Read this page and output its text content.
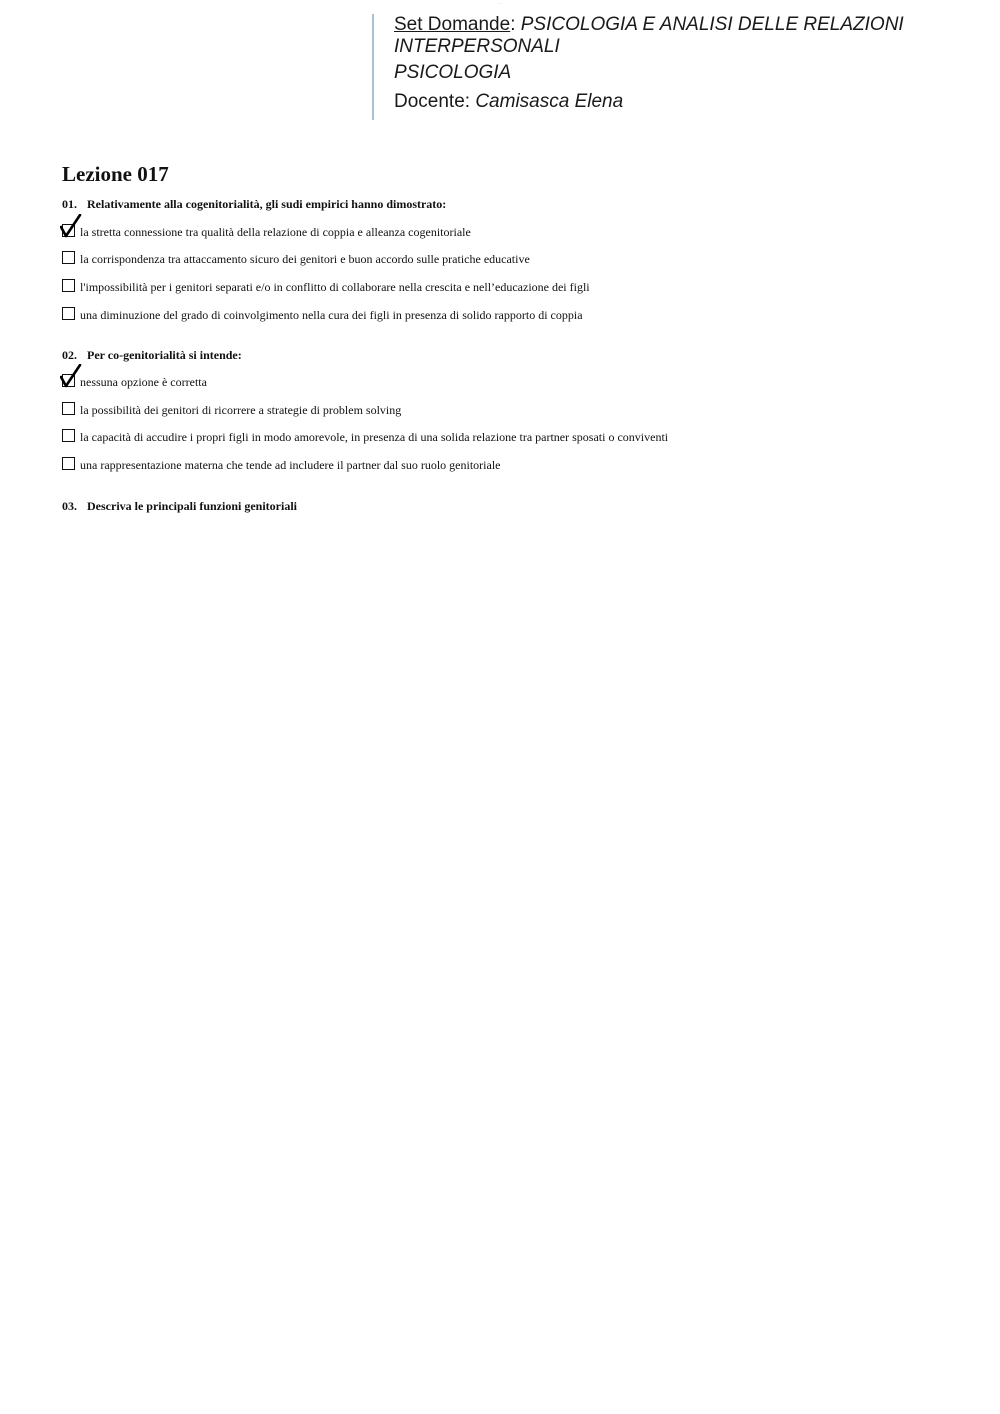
...
Set Domande: PSICOLOGIA E ANALISI DELLE RELAZIONI
INTERPERSONALI
PSICOLOGIA
Docente: Camisasca Elena
Lezione 017
01. Relativamente alla cogenitorialità, gli sudi empirici hanno dimostrato:
la stretta connessione tra qualità della relazione di coppia e alleanza cogenitoriale
la corrispondenza tra attaccamento sicuro dei genitori e buon accordo sulle pratiche educative
l'impossibilità per i genitori separati e/o in conflitto di collaborare nella crescita e nell’educazione dei figli
una diminuzione del grado di coinvolgimento nella cura dei figli in presenza di solido rapporto di coppia
02. Per co-genitorialità si intende:
nessuna opzione è corretta
la possibilità dei genitori di ricorrere a strategie di problem solving
la capacità di accudire i propri figli in modo amorevole, in presenza di una solida relazione tra partner sposati o conviventi
una rappresentazione materna che tende ad includere il partner dal suo ruolo genitoriale
03. Descriva le principali funzioni genitoriali
